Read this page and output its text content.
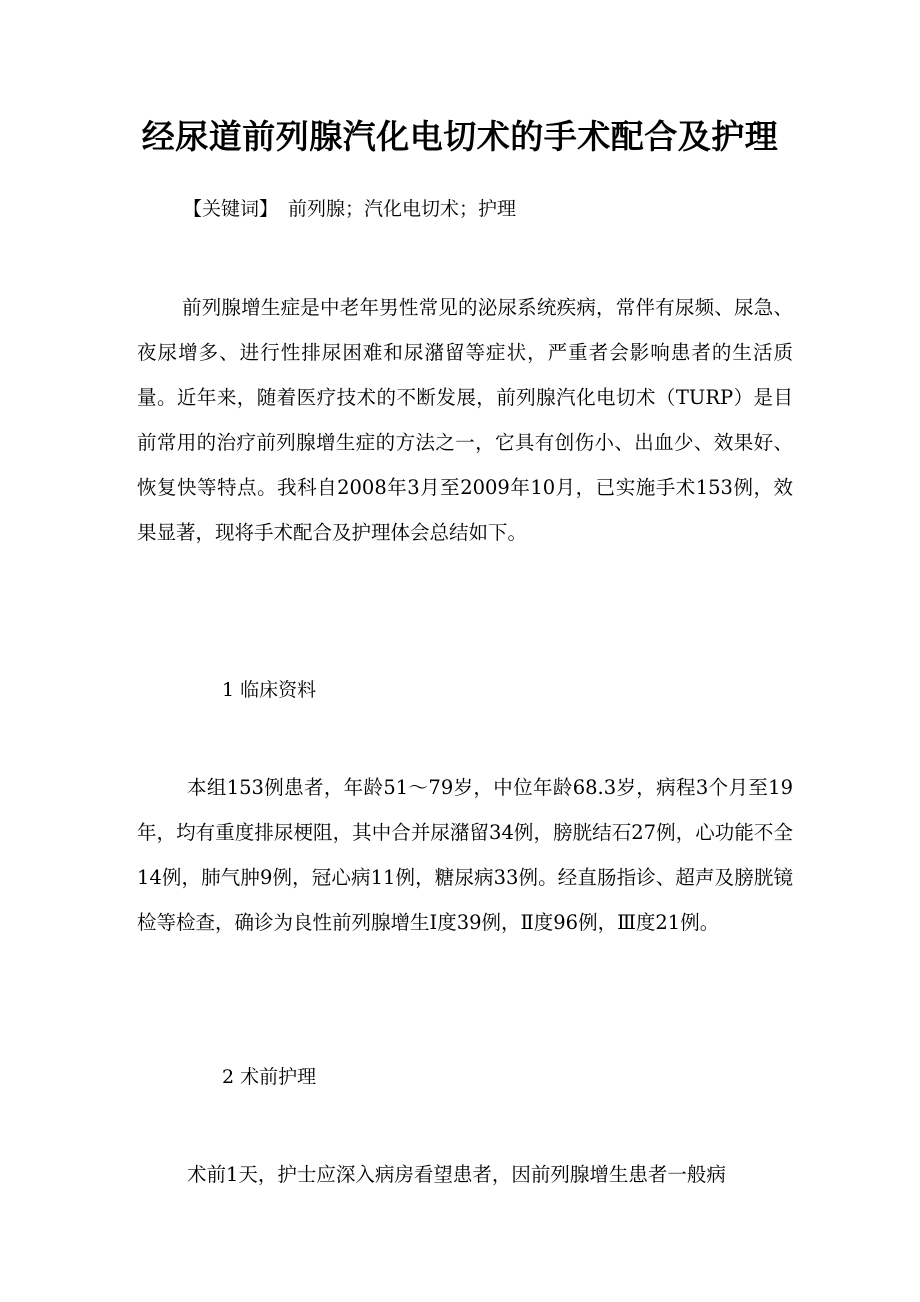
经尿道前列腺汽化电切术的手术配合及护理
【关键词】 前列腺；汽化电切术；护理

前列腺增生症是中老年男性常见的泌尿系统疾病，常伴有尿频、尿急、夜尿增多、进行性排尿困难和尿潴留等症状，严重者会影响患者的生活质量。近年来，随着医疗技术的不断发展，前列腺汽化电切术（TURP）是目前常用的治疗前列腺增生症的方法之一，它具有创伤小、出血少、效果好、恢复快等特点。我科自2008年3月至2009年10月，已实施手术153例，效果显著，现将手术配合及护理体会总结如下。

1 临床资料

本组153例患者，年龄51～79岁，中位年龄68.3岁，病程3个月至19年，均有重度排尿梗阻，其中合并尿潴留34例，膀胱结石27例，心功能不全14例，肺气肿9例，冠心病11例，糖尿病33例。经直肠指诊、超声及膀胱镜检等检查，确诊为良性前列腺增生Ⅰ度39例，Ⅱ度96例，Ⅲ度21例。

2 术前护理

术前1天，护士应深入病房看望患者，因前列腺增生患者一般病
